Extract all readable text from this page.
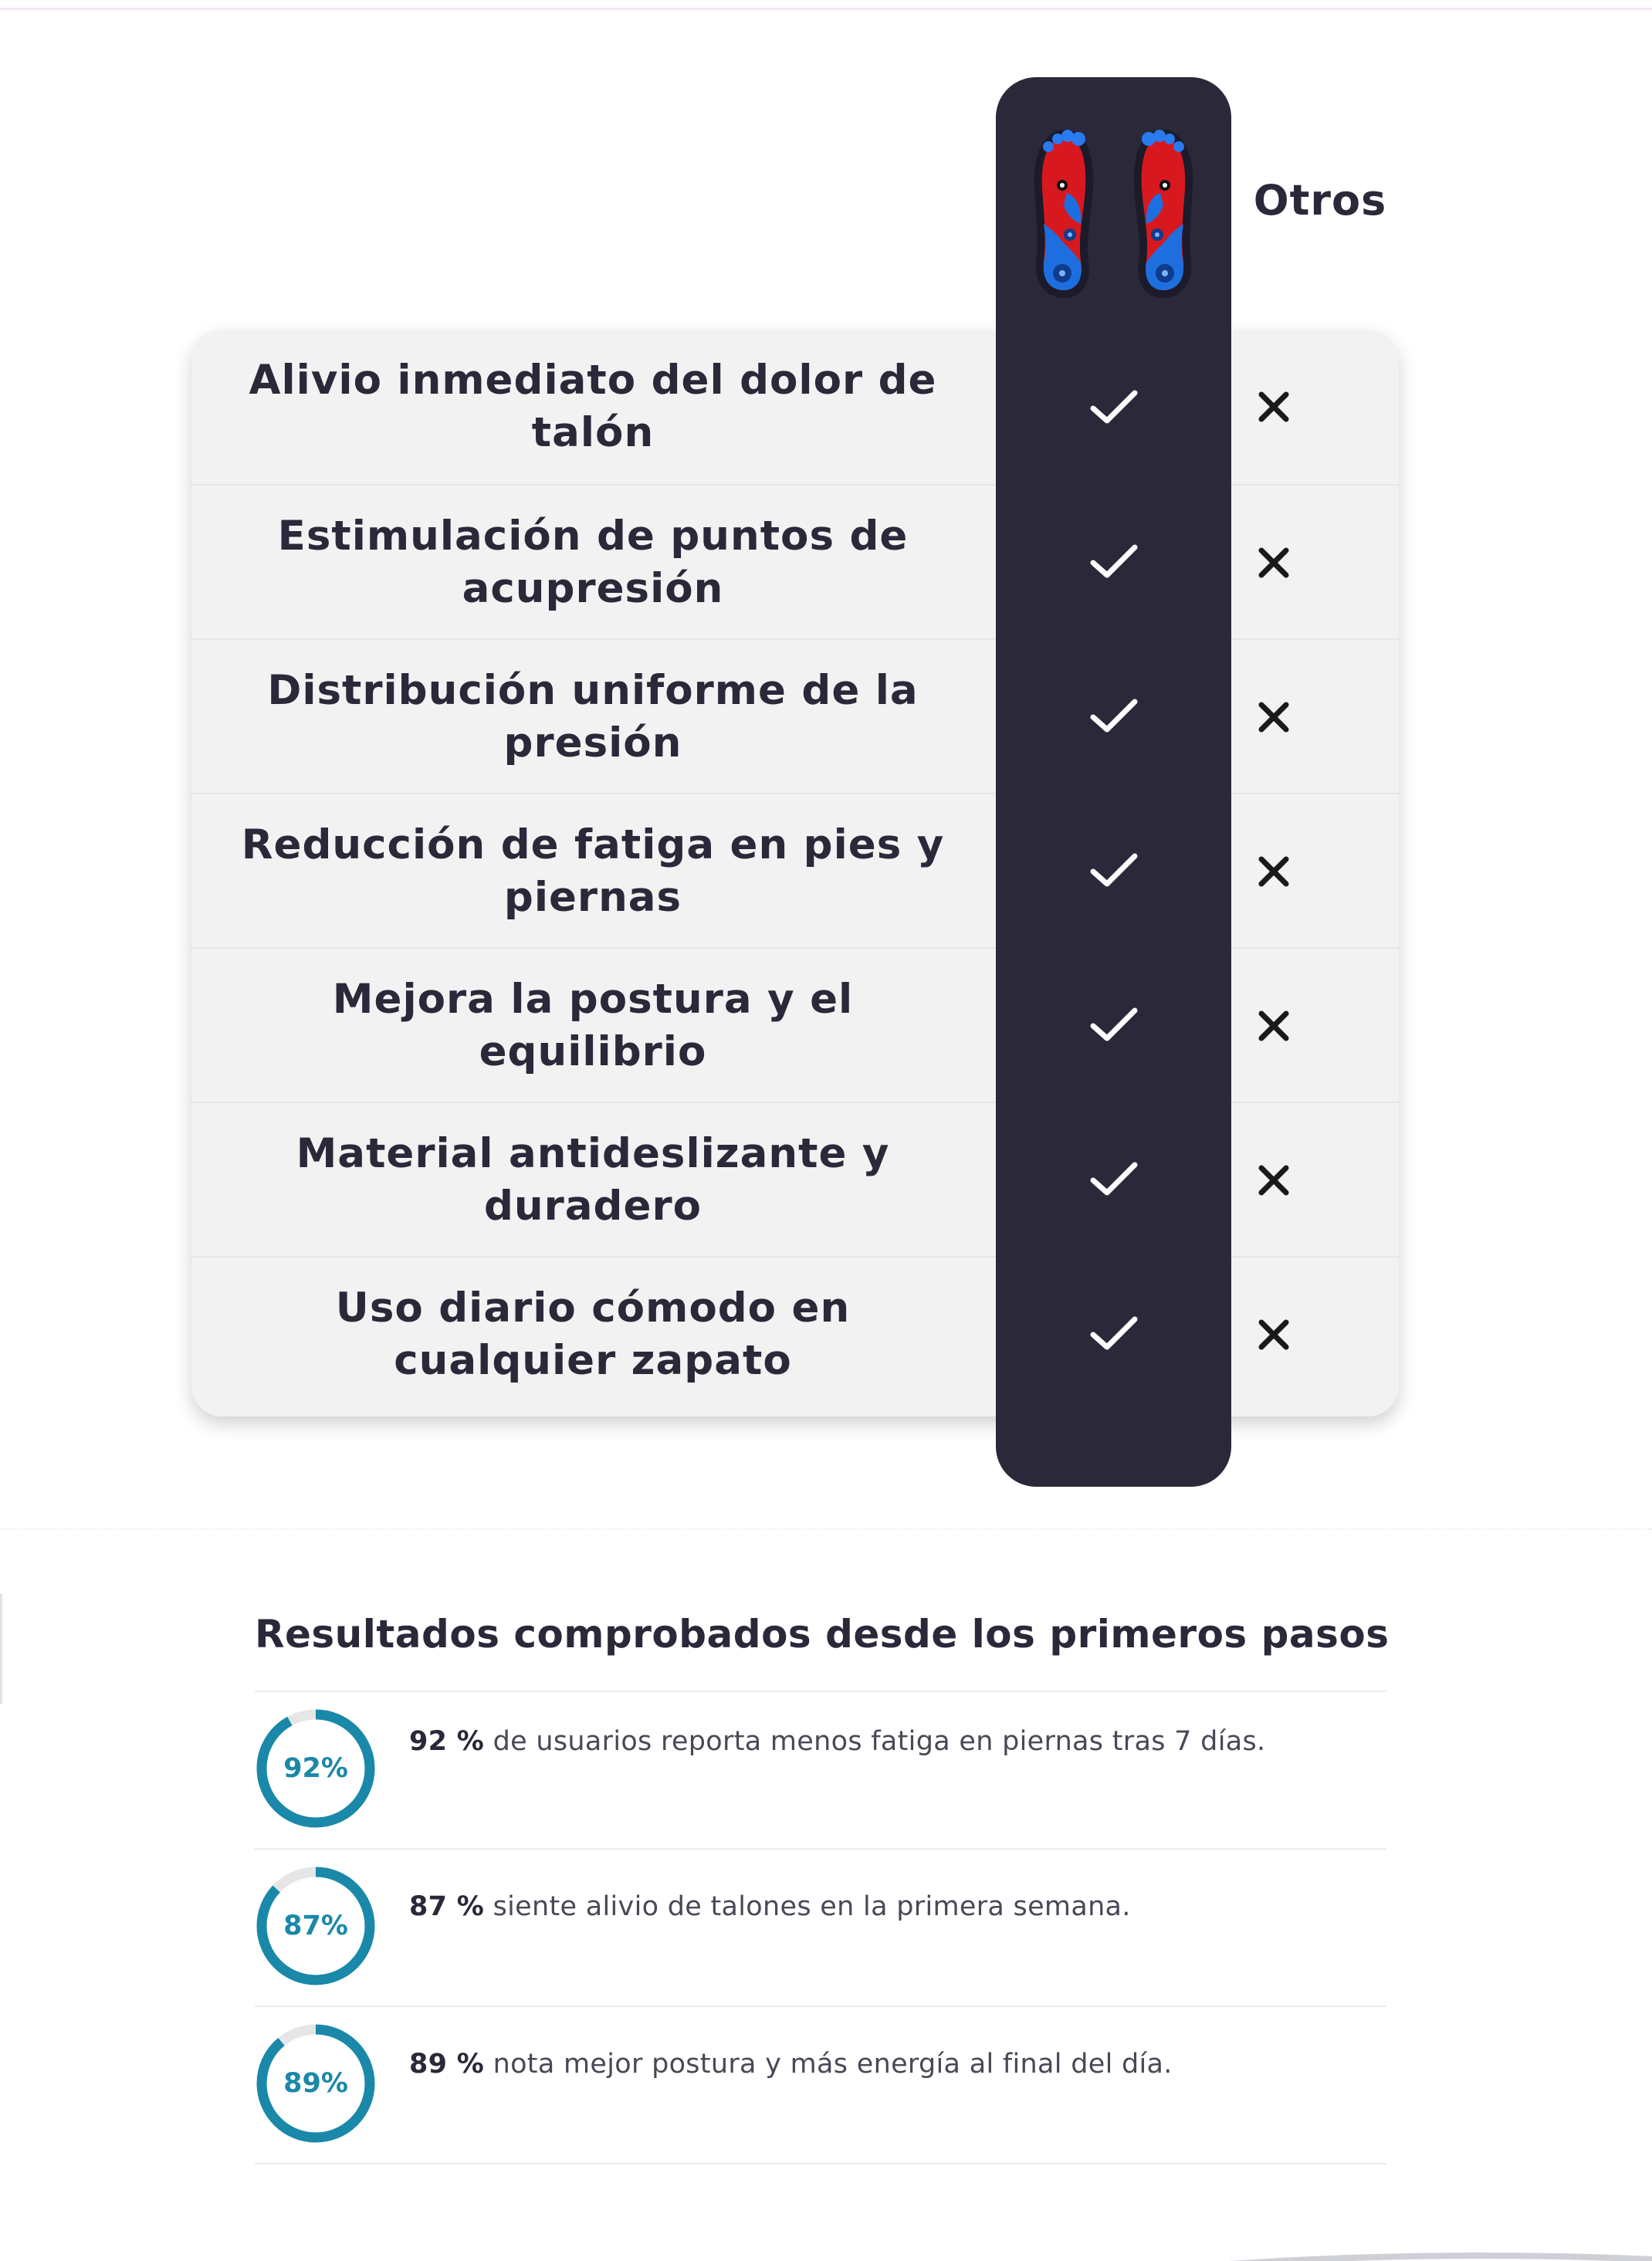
Alivio inmediato del dolor de talón
Estimulación de puntos de acupresión
Distribución uniforme de la presión
Reducción de fatiga en pies y piernas
Mejora la postura y el equilibrio
Material antideslizante y duradero
Uso diario cómodo en cualquier zapato
Otros
Resultados comprobados desde los primeros pasos
92%
92 % de usuarios reporta menos fatiga en piernas tras 7 días.
87%
87 % siente alivio de talones en la primera semana.
89%
89 % nota mejor postura y más energía al final del día.
